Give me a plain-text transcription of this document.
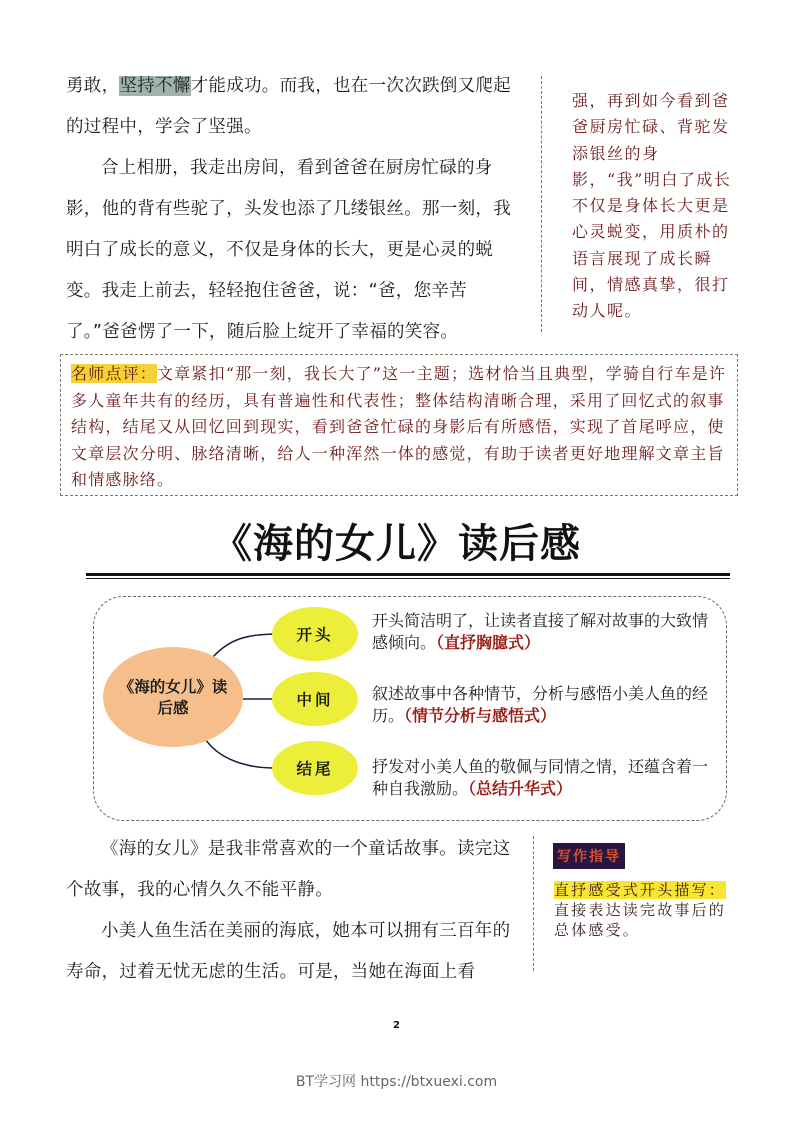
勇敢，坚持不懈才能成功。而我，也在一次次跌倒又爬起的过程中，学会了坚强。

合上相册，我走出房间，看到爸爸在厨房忙碌的身影，他的背有些驼了，头发也添了几缕银丝。那一刻，我明白了成长的意义，不仅是身体的长大，更是心灵的蜕变。我走上前去，轻轻抱住爸爸，说：“爸，您辛苦了。”爸爸愣了一下，随后脸上绽开了幸福的笑容。

强，再到如今看到爸爸厨房忙碌、背驼发添银丝的身影，“我”明白了成长不仅是身体长大更是心灵蜕变，用质朴的语言展现了成长瞬间，情感真挚，很打动人呢。
名师点评：文章紧扣“那一刻，我长大了”这一主题；选材恰当且典型，学骑自行车是许多人童年共有的经历，具有普遍性和代表性；整体结构清晰合理，采用了回忆式的叙事结构，结尾又从回忆回到现实，看到爸爸忙碌的身影后有所感悟，实现了首尾呼应，使文章层次分明、脉络清晰，给人一种浑然一体的感觉，有助于读者更好地理解文章主旨和情感脉络。
《海的女儿》读后感
《海的女儿》读后感
开头
开头简洁明了，让读者直接了解对故事的大致情感倾向。（直抒胸臆式）
中间	叙述故事中各种情节，分析与感悟小美人鱼的经历。（情节分析与感悟式）
结尾	抒发对小美人鱼的敬佩与同情之情，还蕴含着一种自我激励。（总结升华式）

《海的女儿》是我非常喜欢的一个童话故事。读完这个故事，我的心情久久不能平静。

小美人鱼生活在美丽的海底，她本可以拥有三百年的寿命，过着无忧无虑的生活。可是，当她在海面上看

写作指导
直抒感受式开头描写：
直接表达读完故事后的总体感受。
2
BT学习网 https://btxuexi.com
